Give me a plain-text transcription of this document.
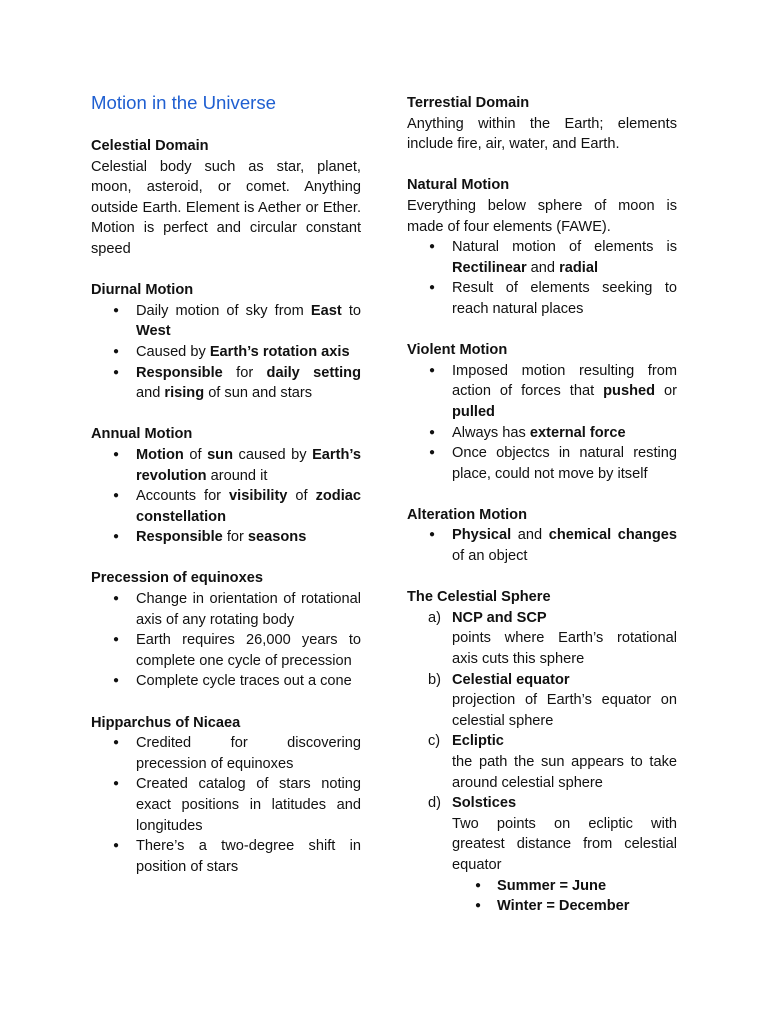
Motion in the Universe

Celestial Domain

Celestial body such as star, planet, moon, asteroid, or comet. Anything outside Earth. Element is Aether or Ether. Motion is perfect and circular constant speed

Diurnal Motion

● Daily motion of sky from East to West
● Caused by Earth’s rotation axis
● Responsible for daily setting and rising of sun and stars

Annual Motion

● Motion of sun caused by Earth’s revolution around it
● Accounts for visibility of zodiac constellation
● Responsible for seasons

Precession of equinoxes

● Change in orientation of rotational axis of any rotating body
● Earth requires 26,000 years to complete one cycle of precession
● Complete cycle traces out a cone

Hipparchus of Nicaea

● Credited for discovering precession of equinoxes
● Created catalog of stars noting exact positions in latitudes and longitudes
● There’s a two-degree shift in position of stars

Terrestial Domain

Anything within the Earth; elements include fire, air, water, and Earth.

Natural Motion

Everything below sphere of moon is made of four elements (FAWE).

● Natural motion of elements is Rectilinear and radial
● Result of elements seeking to reach natural places

Violent Motion

● Imposed motion resulting from action of forces that pushed or pulled
● Always has external force
● Once objectcs in natural resting place, could not move by itself

Alteration Motion

● Physical and chemical changes of an object

The Celestial Sphere

a) NCP and SCP
points where Earth’s rotational axis cuts this sphere
b) Celestial equator
projection of Earth’s equator on celestial sphere
c) Ecliptic
the path the sun appears to take around celestial sphere
d) Solstices
Two points on ecliptic with greatest distance from celestial equator
● Summer = June
● Winter = December
